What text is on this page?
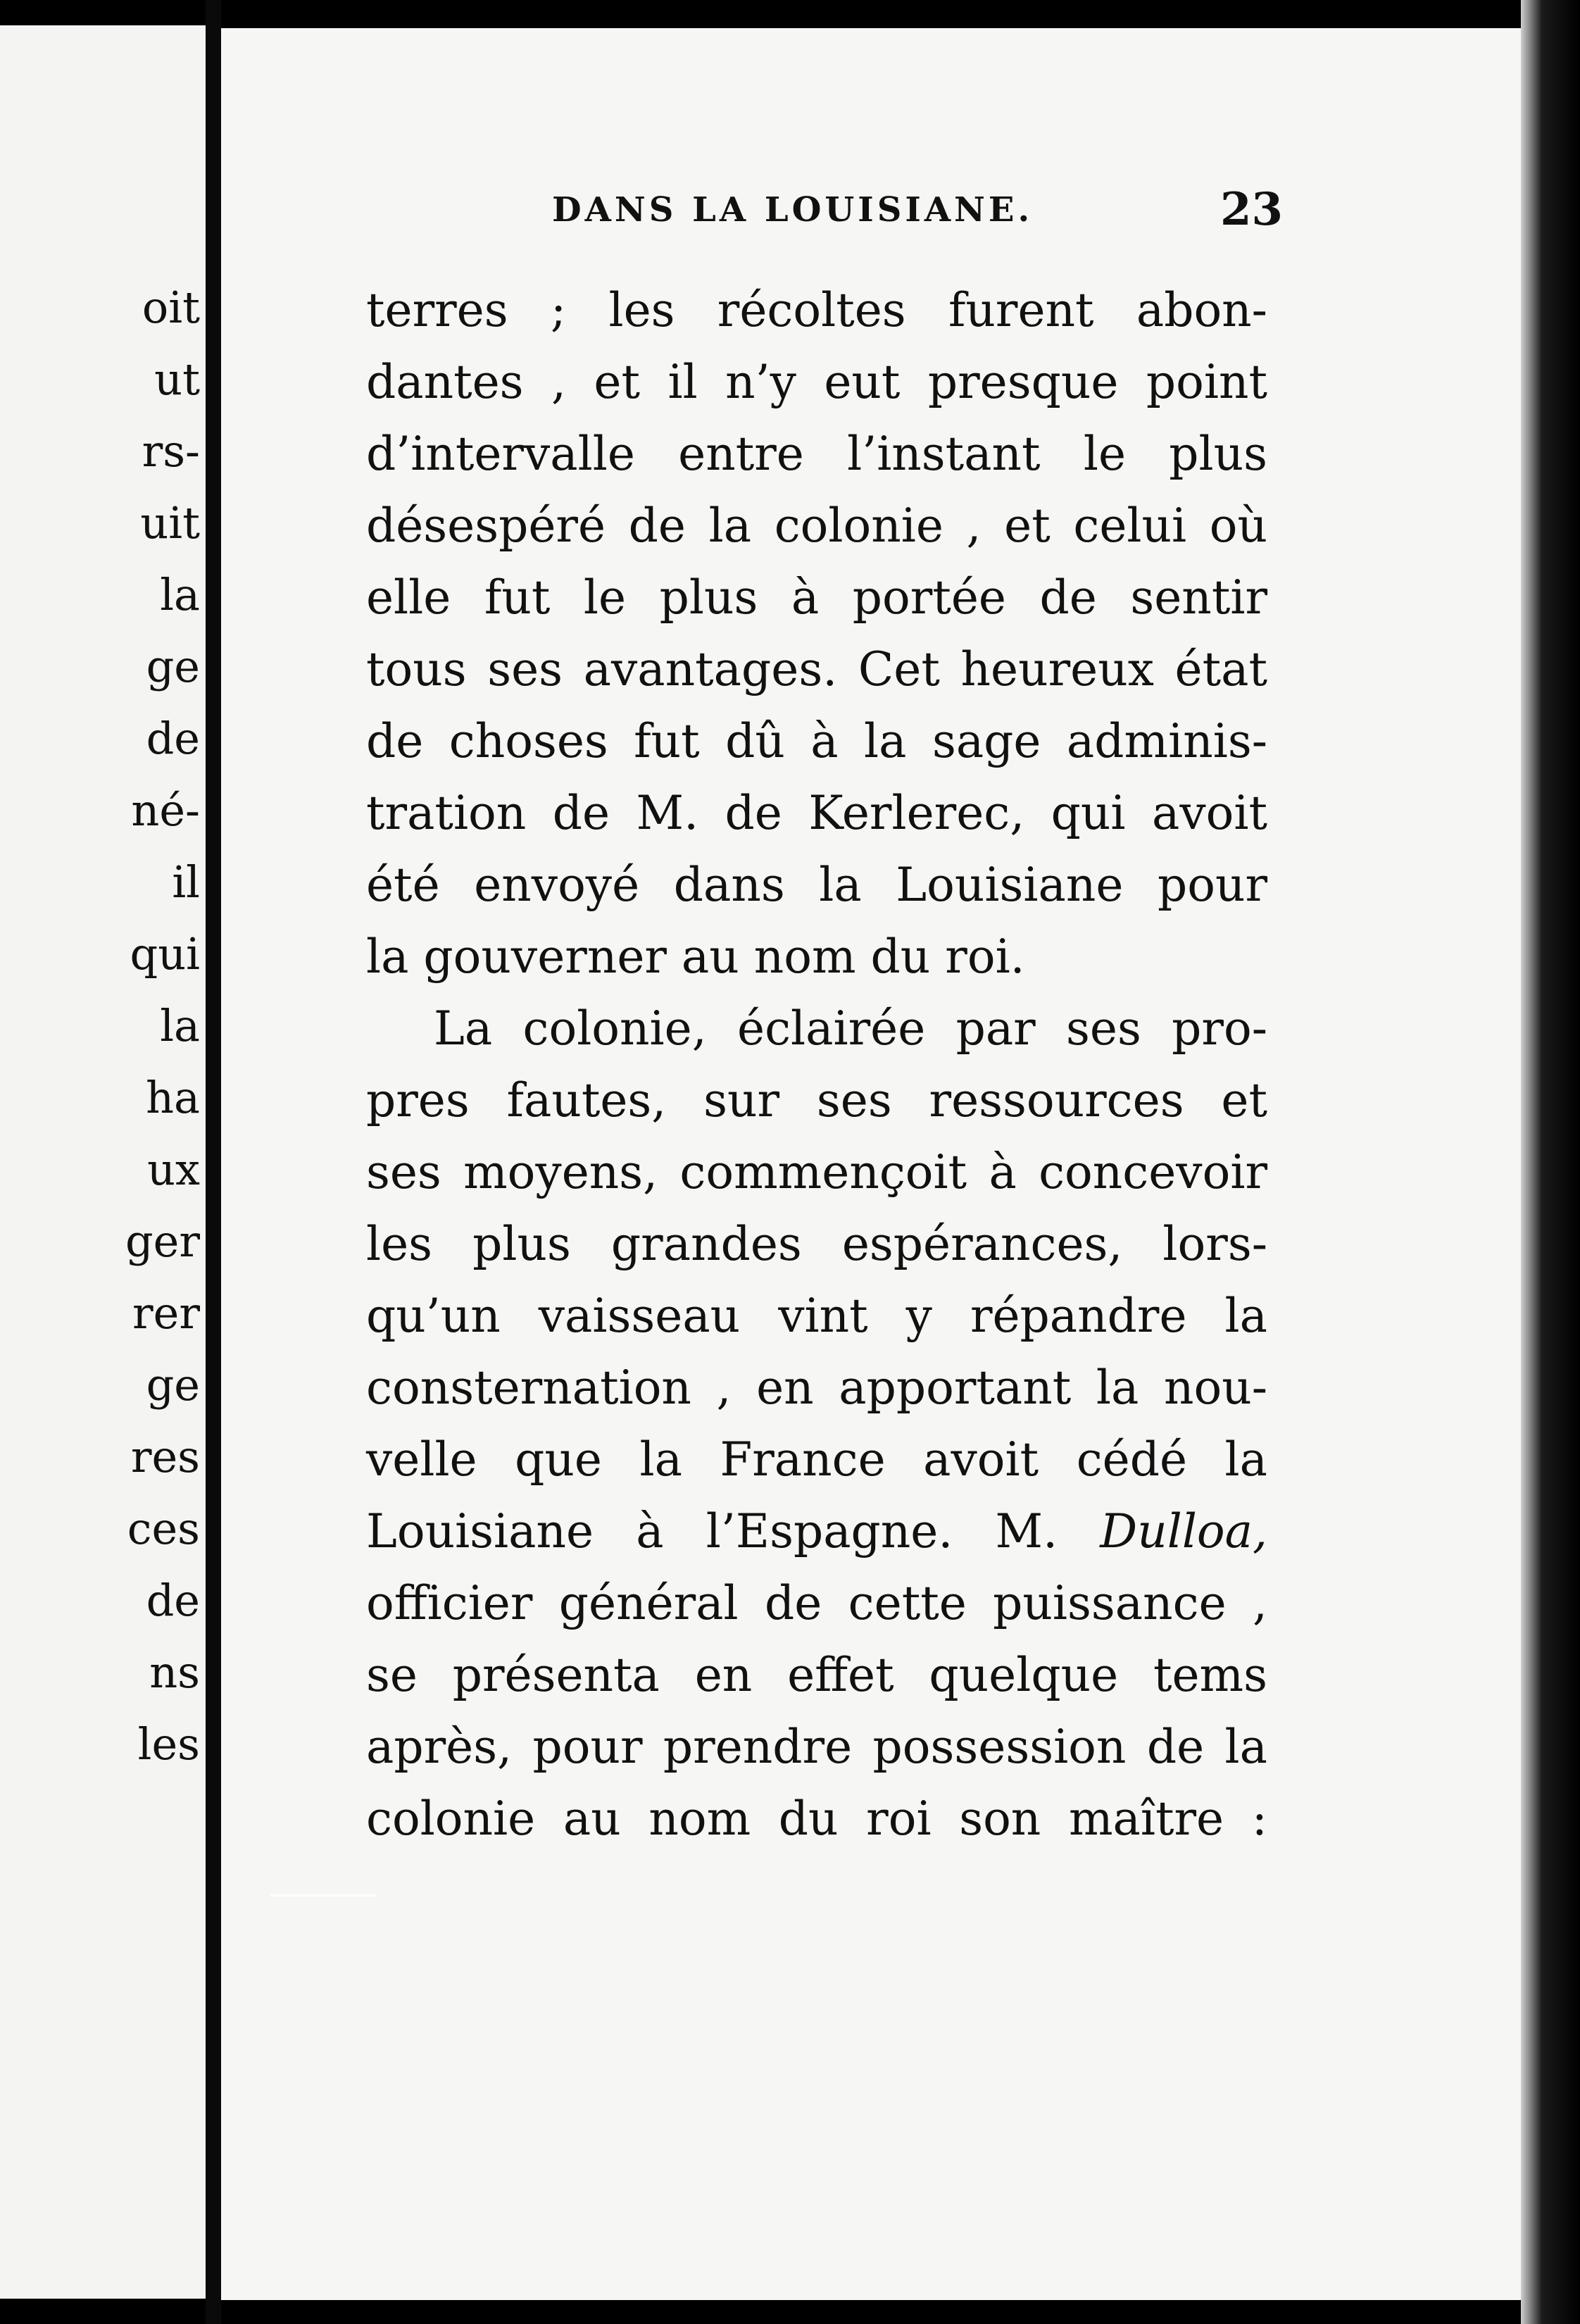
oit
ut
rs-
uit
la
ge
de
né-
il
qui
la
ha
ux
ger
rer
ge
res
ces
de
ns
les
DANS LA LOUISIANE.	23
terres ; les récoltes furent abon-
dantes , et il n’y eut presque point
d’intervalle entre l’instant le plus
désespéré de la colonie , et celui où
elle fut le plus à portée de sentir
tous ses avantages. Cet heureux état
de choses fut dû à la sage adminis-
tration de M. de Kerlerec, qui avoit
été envoyé dans la Louisiane pour
la gouverner au nom du roi.
La colonie, éclairée par ses pro-
pres fautes, sur ses ressources et
ses moyens, commençoit à concevoir
les plus grandes espérances, lors-
qu’un vaisseau vint y répandre la
consternation , en apportant la nou-
velle que la France avoit cédé la
Louisiane à l’Espagne. M. Dulloa,
officier général de cette puissance ,
se présenta en effet quelque tems
après, pour prendre possession de la
colonie au nom du roi son maître :
